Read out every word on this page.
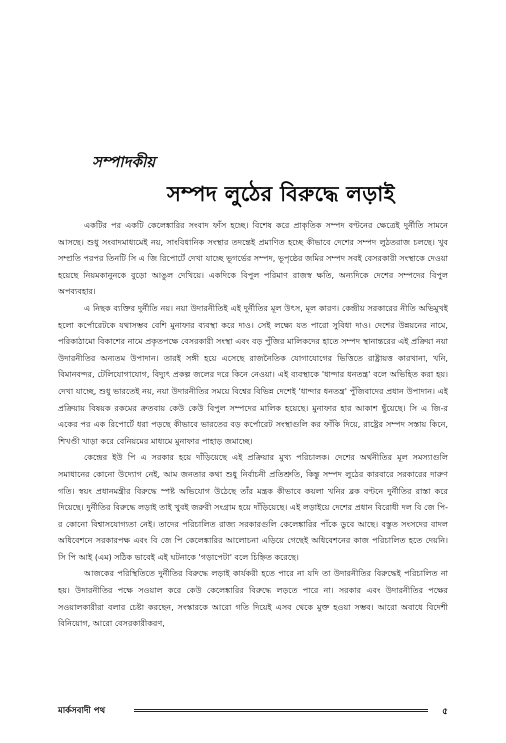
সম্পাদকীয়
সম্পদ লুঠের বিরুদ্ধে লড়াই

একটির পর একটি কেলেঙ্কারির সংবাদ ফাঁস হচ্ছে। বিশেষ করে প্রাকৃতিক সম্পদ বণ্টনের ক্ষেত্রেই দুর্নীতি সামনে আসছে। শুধু সংবাদমাধ্যমেই নয়, সাংবিধানিক সংস্থার তদন্তেই প্রমাণিত হচ্ছে কীভাবে দেশের সম্পদ লুঠতরাজ চলছে। খুব সম্প্রতি পরপর তিনটি সি এ জি রিপোর্টে দেখা যাচ্ছে ভূগর্ভের সম্পদ, ভূপৃষ্ঠের জমির সম্পদ সবই বেসরকারী সংস্থাকে দেওয়া হয়েছে নিয়মকানুনকে বুড়ো আঙুল দেখিয়ে। একদিকে বিপুল পরিমাণ রাজস্ব ক্ষতি, অন্যদিকে দেশের সম্পদের বিপুল অপব্যবহার।

এ নিছক ব্যক্তির দুর্নীতি নয়। নয়া উদারনীতিই এই দুর্নীতির মূল উৎস, মূল কারণ। কেন্দ্রীয় সরকারের নীতি অভিমুখই হলো কর্পোরেটকে যথাসম্ভব বেশি মুনাফার ব্যবস্থা করে দাও। সেই লক্ষ্যে যত পারো সুবিধা দাও। দেশের উন্নয়নের নামে, পরিকাঠামো বিকাশের নামে প্রকৃতপক্ষে বেসরকারী সংস্থা এবং বড় পুঁজির মালিকদের হাতে সম্পদ স্থানান্তরের এই প্রক্রিয়া নয়া উদারনীতির অন্যতম উপাদান। তারই সঙ্গী হয়ে এসেছে রাজনৈতিক যোগাযোগের ভিত্তিতে রাষ্ট্রায়ত্ত কারখানা, খনি, বিমানবন্দর, টেলিযোগাযোগ, বিদ্যুৎ প্রকল্প জলের দরে কিনে নেওয়া। এই ব্যবস্থাকে 'ধান্দার ধনতন্ত্র' বলে অভিহিত করা হয়। দেখা যাচ্ছে, শুধু ভারতেই নয়, নয়া উদারনীতির সময়ে বিশ্বের বিভিন্ন দেশেই 'ধান্দার ধনতন্ত্র' পুঁজিবাদের প্রধান উপাদান। এই প্রক্রিয়ায় বিষয়ক রকমের ক্রতবায় কেউ কেউ বিপুল সম্পদের মালিক হয়েছে। মুনাফার হার আকাশ ছুঁয়েছে। সি এ জি-র একের পর এক রিপোর্টে ধরা পড়ছে কীভাবে ভারতের বড় কর্পোরেট সংস্থাগুলি কর ফাঁকি দিয়ে, রাষ্ট্রের সম্পদ সস্তায় কিনে, শিখণ্ডী খাড়া করে বেনিয়মের মাধ্যমে মুনাফার পাহাড় জমাচ্ছে।

কেন্দ্রের ইউ পি এ সরকার হয়ে দাঁড়িয়েছে এই প্রক্রিয়ার মুখ্য পরিচালক। দেশের অর্থনীতির মূল সমস্যাগুলি সমাধানের কোনো উদ্যোগ নেই, আম জনতার কথা শুধু নির্বাচনী প্রতিশ্রুতি, কিন্তু সম্পদ লুঠের কারবারে সরকারের দারুণ গতি। স্বয়ং প্রধানমন্ত্রীর বিরুদ্ধে স্পষ্ট অভিযোগ উঠেছে তাঁর মন্ত্রক কীভাবে কয়লা খনির ব্লক বণ্টনে দুর্নীতির রাস্তা করে দিয়েছে। দুর্নীতির বিরুদ্ধে লড়াই তাই খুবই জরুরী সংগ্রাম হয়ে দাঁড়িয়েছে। এই লড়াইয়ে দেশের প্রধান বিরোধী দল বি জে পি-র কোনো বিশ্বাসযোগ্যতা নেই। তাদের পরিচালিত রাজ্য সরকারগুলি কেলেঙ্কারির পাঁকে ডুবে আছে। বস্তুত সংসদের বাদল অধিবেশনে সরকারপক্ষ এবং বি জে পি কেলেঙ্কারির আলোচনা এড়িয়ে গেছেই অধিবেশনের কাজ পরিচালিত হতে দেয়নি। সি পি আই (এম) সঠিক ভাবেই এই ঘটনাকে 'গড়াপেটা' বলে চিহ্নিত করেছে।

আজকের পরিস্থিতিতে দুর্নীতির বিরুদ্ধে লড়াই কার্যকরী হতে পারে না যদি তা উদারনীতির বিরুদ্ধেই পরিচালিত না হয়। উদারনীতির পক্ষে সওয়াল করে কেউ কেলেঙ্কারির বিরুদ্ধে লড়তে পারে না। সরকার এবং উদারনীতির পক্ষের সওয়ালকারীরা বলার চেষ্টা করছেন, সংস্কারকে আরো গতি দিয়েই এসব থেকে মুক্ত হওয়া সম্ভব। আরো অবাধে বিদেশী বিনিয়োগ, আরো বেসরকারীকরণ,

মার্কসবাদী পথ	৫
